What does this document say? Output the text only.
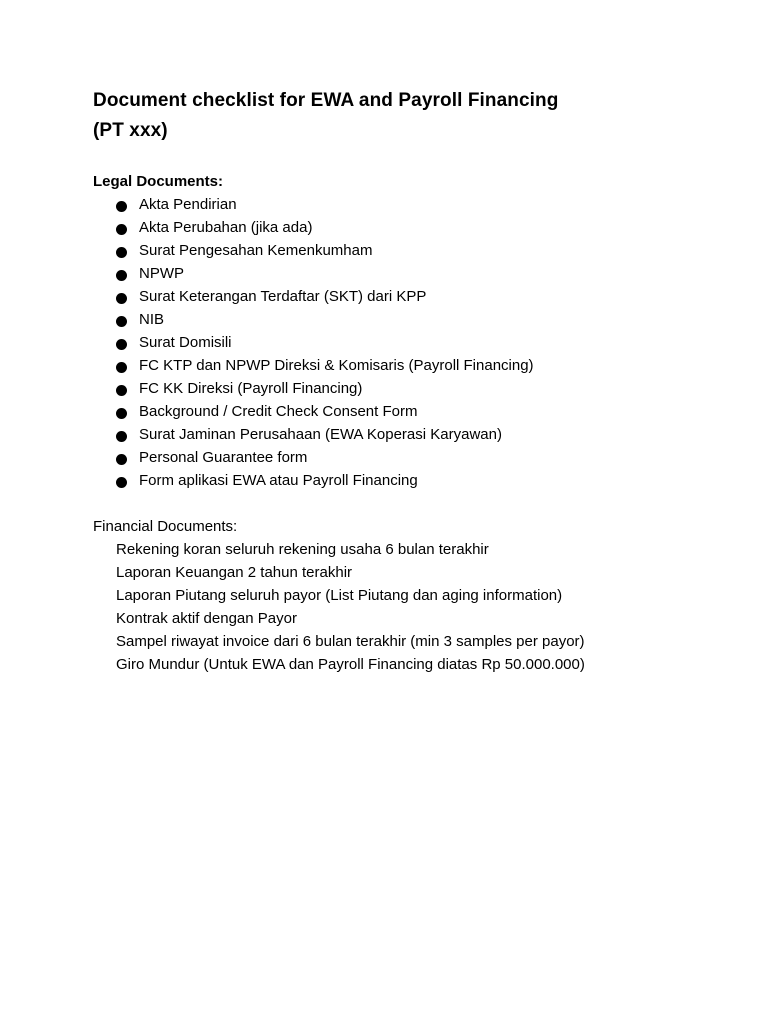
Document checklist for EWA and Payroll Financing
(PT xxx)

Legal Documents:

Akta Pendirian
Akta Perubahan (jika ada)
Surat Pengesahan Kemenkumham
NPWP
Surat Keterangan Terdaftar (SKT) dari KPP
NIB
Surat Domisili
FC KTP dan NPWP Direksi & Komisaris (Payroll Financing)
FC KK Direksi (Payroll Financing)
Background / Credit Check Consent Form
Surat Jaminan Perusahaan (EWA Koperasi Karyawan)
Personal Guarantee form
Form aplikasi EWA atau Payroll Financing

Financial Documents:

Rekening koran seluruh rekening usaha 6 bulan terakhir
Laporan Keuangan 2 tahun terakhir
Laporan Piutang seluruh payor (List Piutang dan aging information)
Kontrak aktif dengan Payor
Sampel riwayat invoice dari 6 bulan terakhir (min 3 samples per payor)
Giro Mundur (Untuk EWA dan Payroll Financing diatas Rp 50.000.000)
